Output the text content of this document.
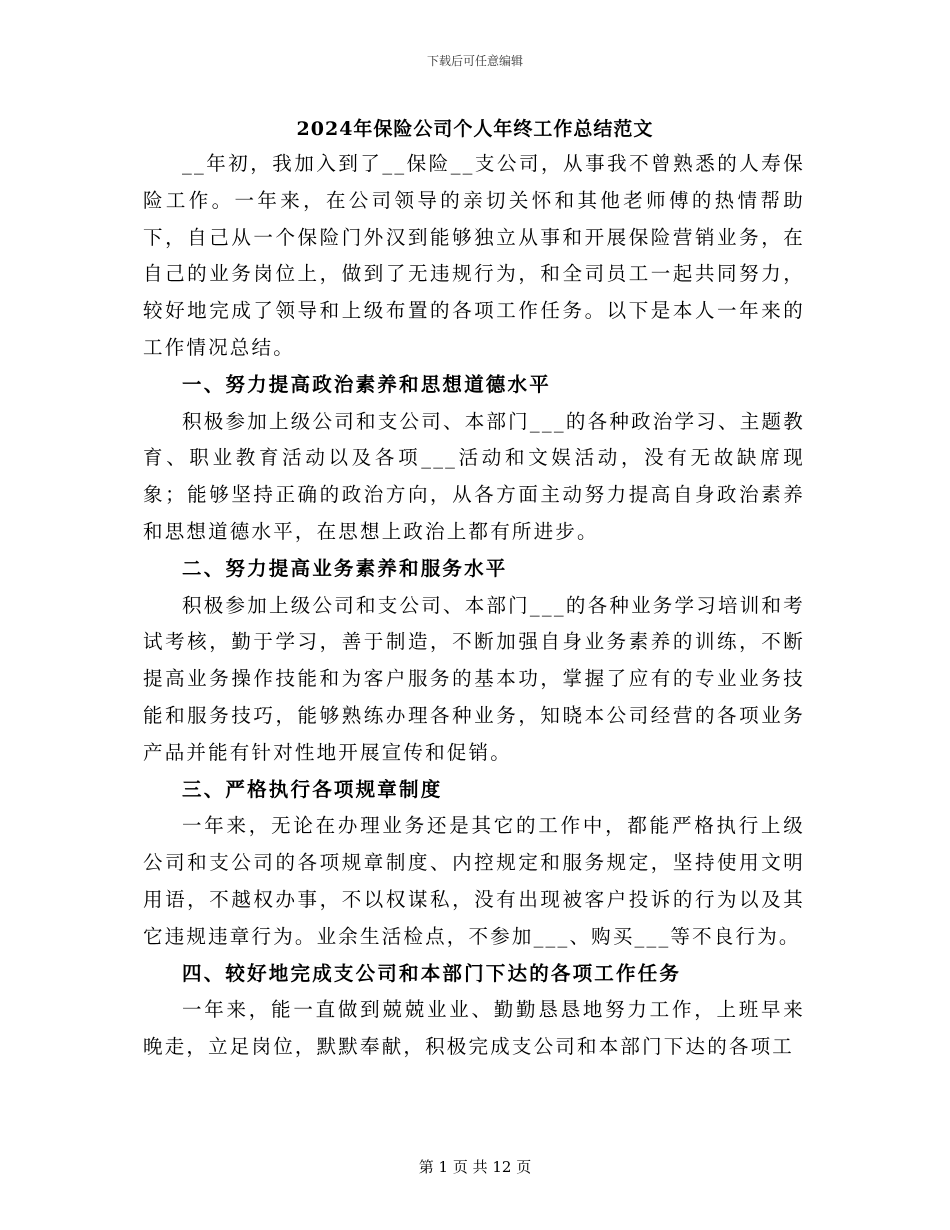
下载后可任意编辑
2024年保险公司个人年终工作总结范文

__年初，我加入到了__保险__支公司，从事我不曾熟悉的人寿保险工作。一年来，在公司领导的亲切关怀和其他老师傅的热情帮助下，自己从一个保险门外汉到能够独立从事和开展保险营销业务，在自己的业务岗位上，做到了无违规行为，和全司员工一起共同努力，较好地完成了领导和上级布置的各项工作任务。以下是本人一年来的工作情况总结。

一、努力提高政治素养和思想道德水平

积极参加上级公司和支公司、本部门___的各种政治学习、主题教育、职业教育活动以及各项___活动和文娱活动，没有无故缺席现象；能够坚持正确的政治方向，从各方面主动努力提高自身政治素养和思想道德水平，在思想上政治上都有所进步。

二、努力提高业务素养和服务水平

积极参加上级公司和支公司、本部门___的各种业务学习培训和考试考核，勤于学习，善于制造，不断加强自身业务素养的训练，不断提高业务操作技能和为客户服务的基本功，掌握了应有的专业业务技能和服务技巧，能够熟练办理各种业务，知晓本公司经营的各项业务产品并能有针对性地开展宣传和促销。

三、严格执行各项规章制度

一年来，无论在办理业务还是其它的工作中，都能严格执行上级公司和支公司的各项规章制度、内控规定和服务规定，坚持使用文明用语，不越权办事，不以权谋私，没有出现被客户投诉的行为以及其它违规违章行为。业余生活检点，不参加___、购买___等不良行为。

四、较好地完成支公司和本部门下达的各项工作任务

一年来，能一直做到兢兢业业、勤勤恳恳地努力工作，上班早来晚走，立足岗位，默默奉献，积极完成支公司和本部门下达的各项工

第 1 页 共 12 页
